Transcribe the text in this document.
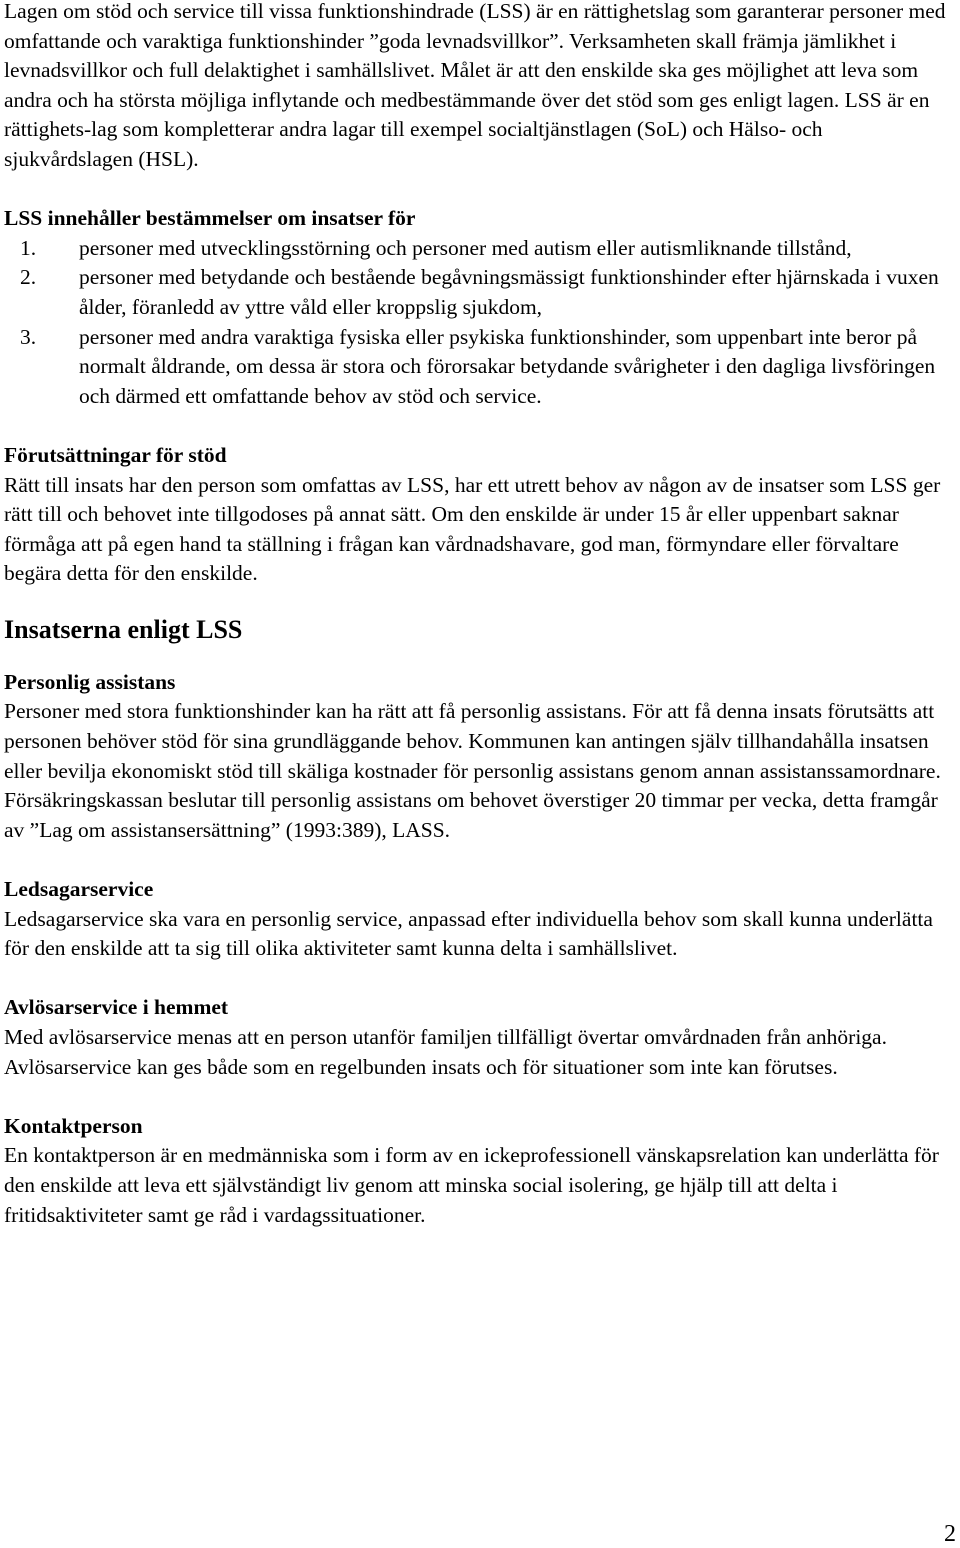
Lagen om stöd och service till vissa funktionshindrade (LSS) är en rättighetslag som garanterar personer med omfattande och varaktiga funktionshinder ”goda levnadsvillkor”. Verksamheten skall främja jämlikhet i levnadsvillkor och full delaktighet i samhällslivet. Målet är att den enskilde ska ges möjlighet att leva som andra och ha största möjliga inflytande och medbestämmande över det stöd som ges enligt lagen. LSS är en rättighets-lag som kompletterar andra lagar till exempel socialtjänstlagen (SoL) och Hälso- och sjukvårdslagen (HSL).

LSS innehåller bestämmelser om insatser för

1. personer med utvecklingsstörning och personer med autism eller autismliknande tillstånd,
2. personer med betydande och bestående begåvningsmässigt funktionshinder efter hjärnskada i vuxen ålder, föranledd av yttre våld eller kroppslig sjukdom,
3. personer med andra varaktiga fysiska eller psykiska funktionshinder, som uppenbart inte beror på normalt åldrande, om dessa är stora och förorsakar betydande svårigheter i den dagliga livsföringen och därmed ett omfattande behov av stöd och service.

Förutsättningar för stöd

Rätt till insats har den person som omfattas av LSS, har ett utrett behov av någon av de insatser som LSS ger rätt till och behovet inte tillgodoses på annat sätt. Om den enskilde är under 15 år eller uppenbart saknar förmåga att på egen hand ta ställning i frågan kan vårdnadshavare, god man, förmyndare eller förvaltare begära detta för den enskilde.

Insatserna enligt LSS

Personlig assistans

Personer med stora funktionshinder kan ha rätt att få personlig assistans. För att få denna insats förutsätts att personen behöver stöd för sina grundläggande behov. Kommunen kan antingen själv tillhandahålla insatsen eller bevilja ekonomiskt stöd till skäliga kostnader för personlig assistans genom annan assistanssamordnare. Försäkringskassan beslutar till personlig assistans om behovet överstiger 20 timmar per vecka, detta framgår av ”Lag om assistansersättning” (1993:389), LASS.

Ledsagarservice

Ledsagarservice ska vara en personlig service, anpassad efter individuella behov som skall kunna underlätta för den enskilde att ta sig till olika aktiviteter samt kunna delta i samhällslivet.

Avlösarservice i hemmet

Med avlösarservice menas att en person utanför familjen tillfälligt övertar omvårdnaden från anhöriga. Avlösarservice kan ges både som en regelbunden insats och för situationer som inte kan förutses.

Kontaktperson

En kontaktperson är en medmänniska som i form av en ickeprofessionell vänskapsrelation kan underlätta för den enskilde att leva ett självständigt liv genom att minska social isolering, ge hjälp till att delta i fritidsaktiviteter samt ge råd i vardagssituationer.

2
